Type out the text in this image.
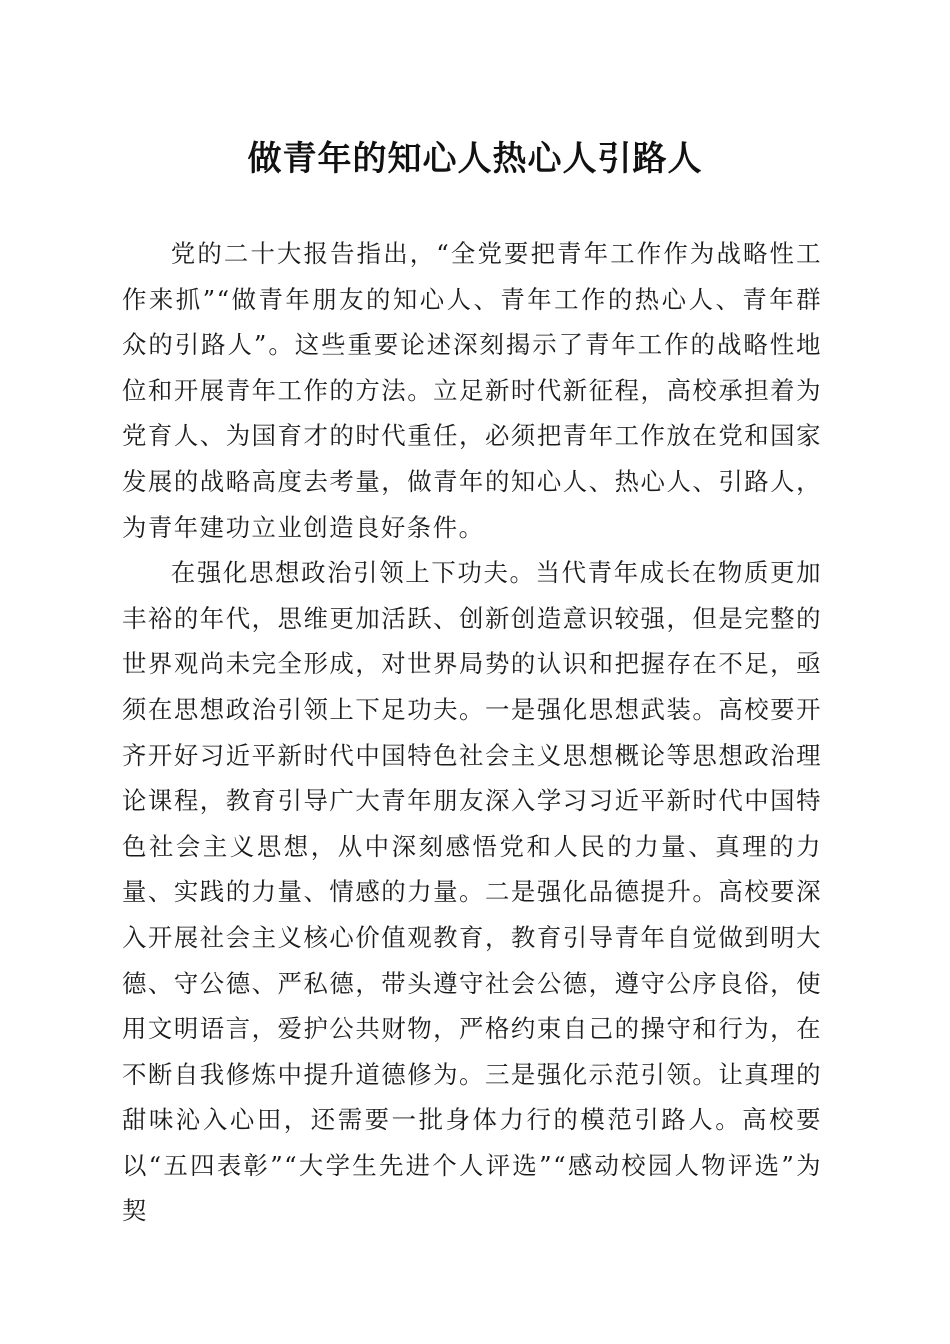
做青年的知心人热心人引路人

党的二十大报告指出，“全党要把青年工作作为战略性工作来抓”“做青年朋友的知心人、青年工作的热心人、青年群众的引路人”。这些重要论述深刻揭示了青年工作的战略性地位和开展青年工作的方法。立足新时代新征程，高校承担着为党育人、为国育才的时代重任，必须把青年工作放在党和国家发展的战略高度去考量，做青年的知心人、热心人、引路人，为青年建功立业创造良好条件。

在强化思想政治引领上下功夫。当代青年成长在物质更加丰裕的年代，思维更加活跃、创新创造意识较强，但是完整的世界观尚未完全形成，对世界局势的认识和把握存在不足，亟须在思想政治引领上下足功夫。一是强化思想武装。高校要开齐开好习近平新时代中国特色社会主义思想概论等思想政治理论课程，教育引导广大青年朋友深入学习习近平新时代中国特色社会主义思想，从中深刻感悟党和人民的力量、真理的力量、实践的力量、情感的力量。二是强化品德提升。高校要深入开展社会主义核心价值观教育，教育引导青年自觉做到明大德、守公德、严私德，带头遵守社会公德，遵守公序良俗，使用文明语言，爱护公共财物，严格约束自己的操守和行为，在不断自我修炼中提升道德修为。三是强化示范引领。让真理的甜味沁入心田，还需要一批身体力行的模范引路人。高校要以“五四表彰”“大学生先进个人评选”“感动校园人物评选”为契
